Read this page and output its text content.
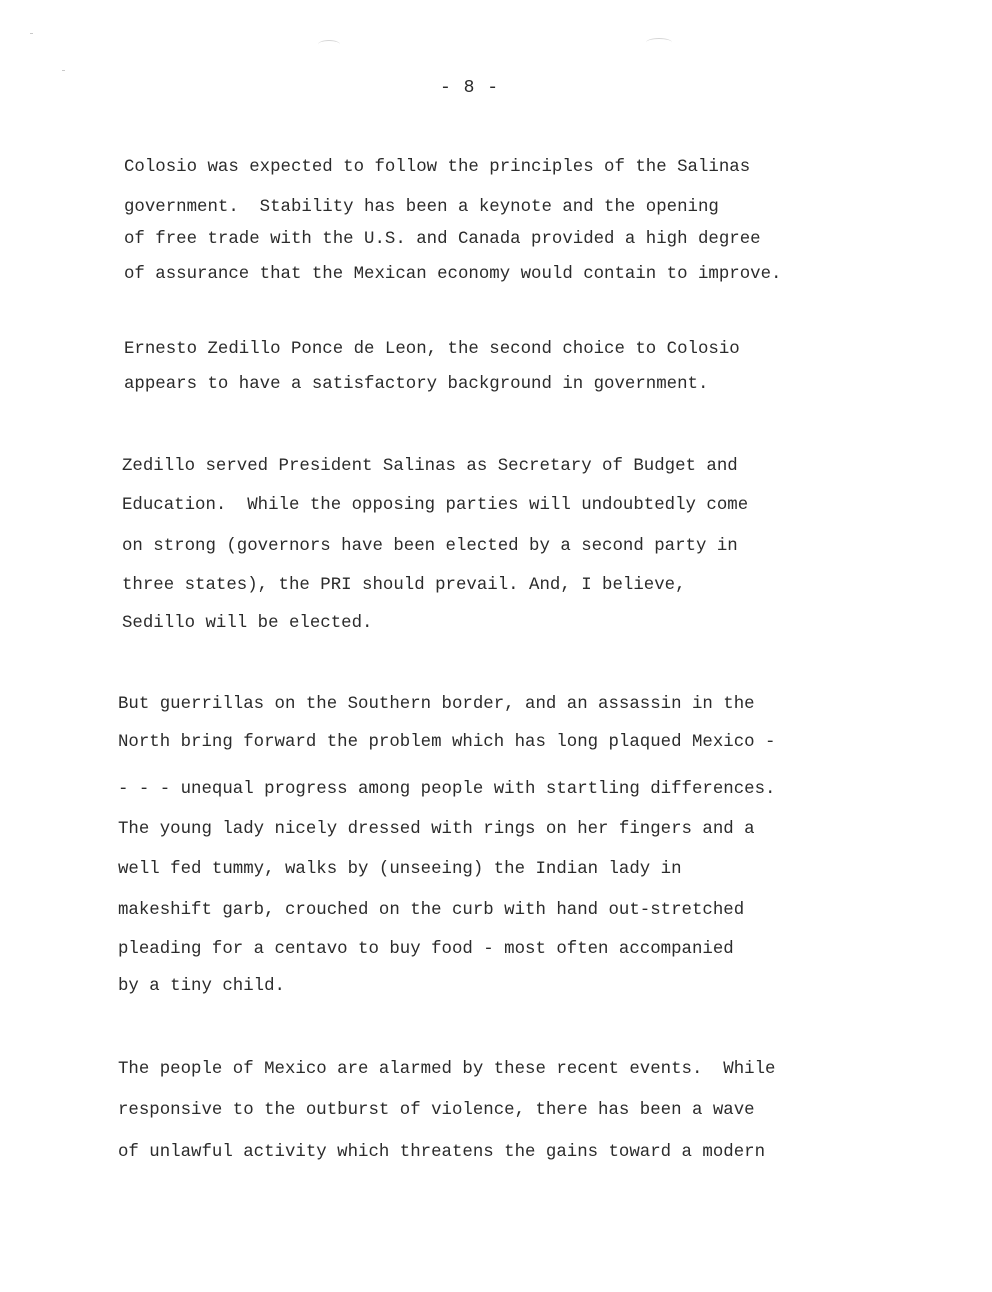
- 8 -
Colosio was expected to follow the principles of the Salinas
government.  Stability has been a keynote and the opening
of free trade with the U.S. and Canada provided a high degree
of assurance that the Mexican economy would contain to improve.
Ernesto Zedillo Ponce de Leon, the second choice to Colosio
appears to have a satisfactory background in government.
Zedillo served President Salinas as Secretary of Budget and
Education.  While the opposing parties will undoubtedly come
on strong (governors have been elected by a second party in
three states), the PRI should prevail. And, I believe,
Sedillo will be elected.
But guerrillas on the Southern border, and an assassin in the
North bring forward the problem which has long plaqued Mexico -
- - - unequal progress among people with startling differences.
The young lady nicely dressed with rings on her fingers and a
well fed tummy, walks by (unseeing) the Indian lady in
makeshift garb, crouched on the curb with hand out-stretched
pleading for a centavo to buy food - most often accompanied
by a tiny child.
The people of Mexico are alarmed by these recent events.  While
responsive to the outburst of violence, there has been a wave
of unlawful activity which threatens the gains toward a modern
